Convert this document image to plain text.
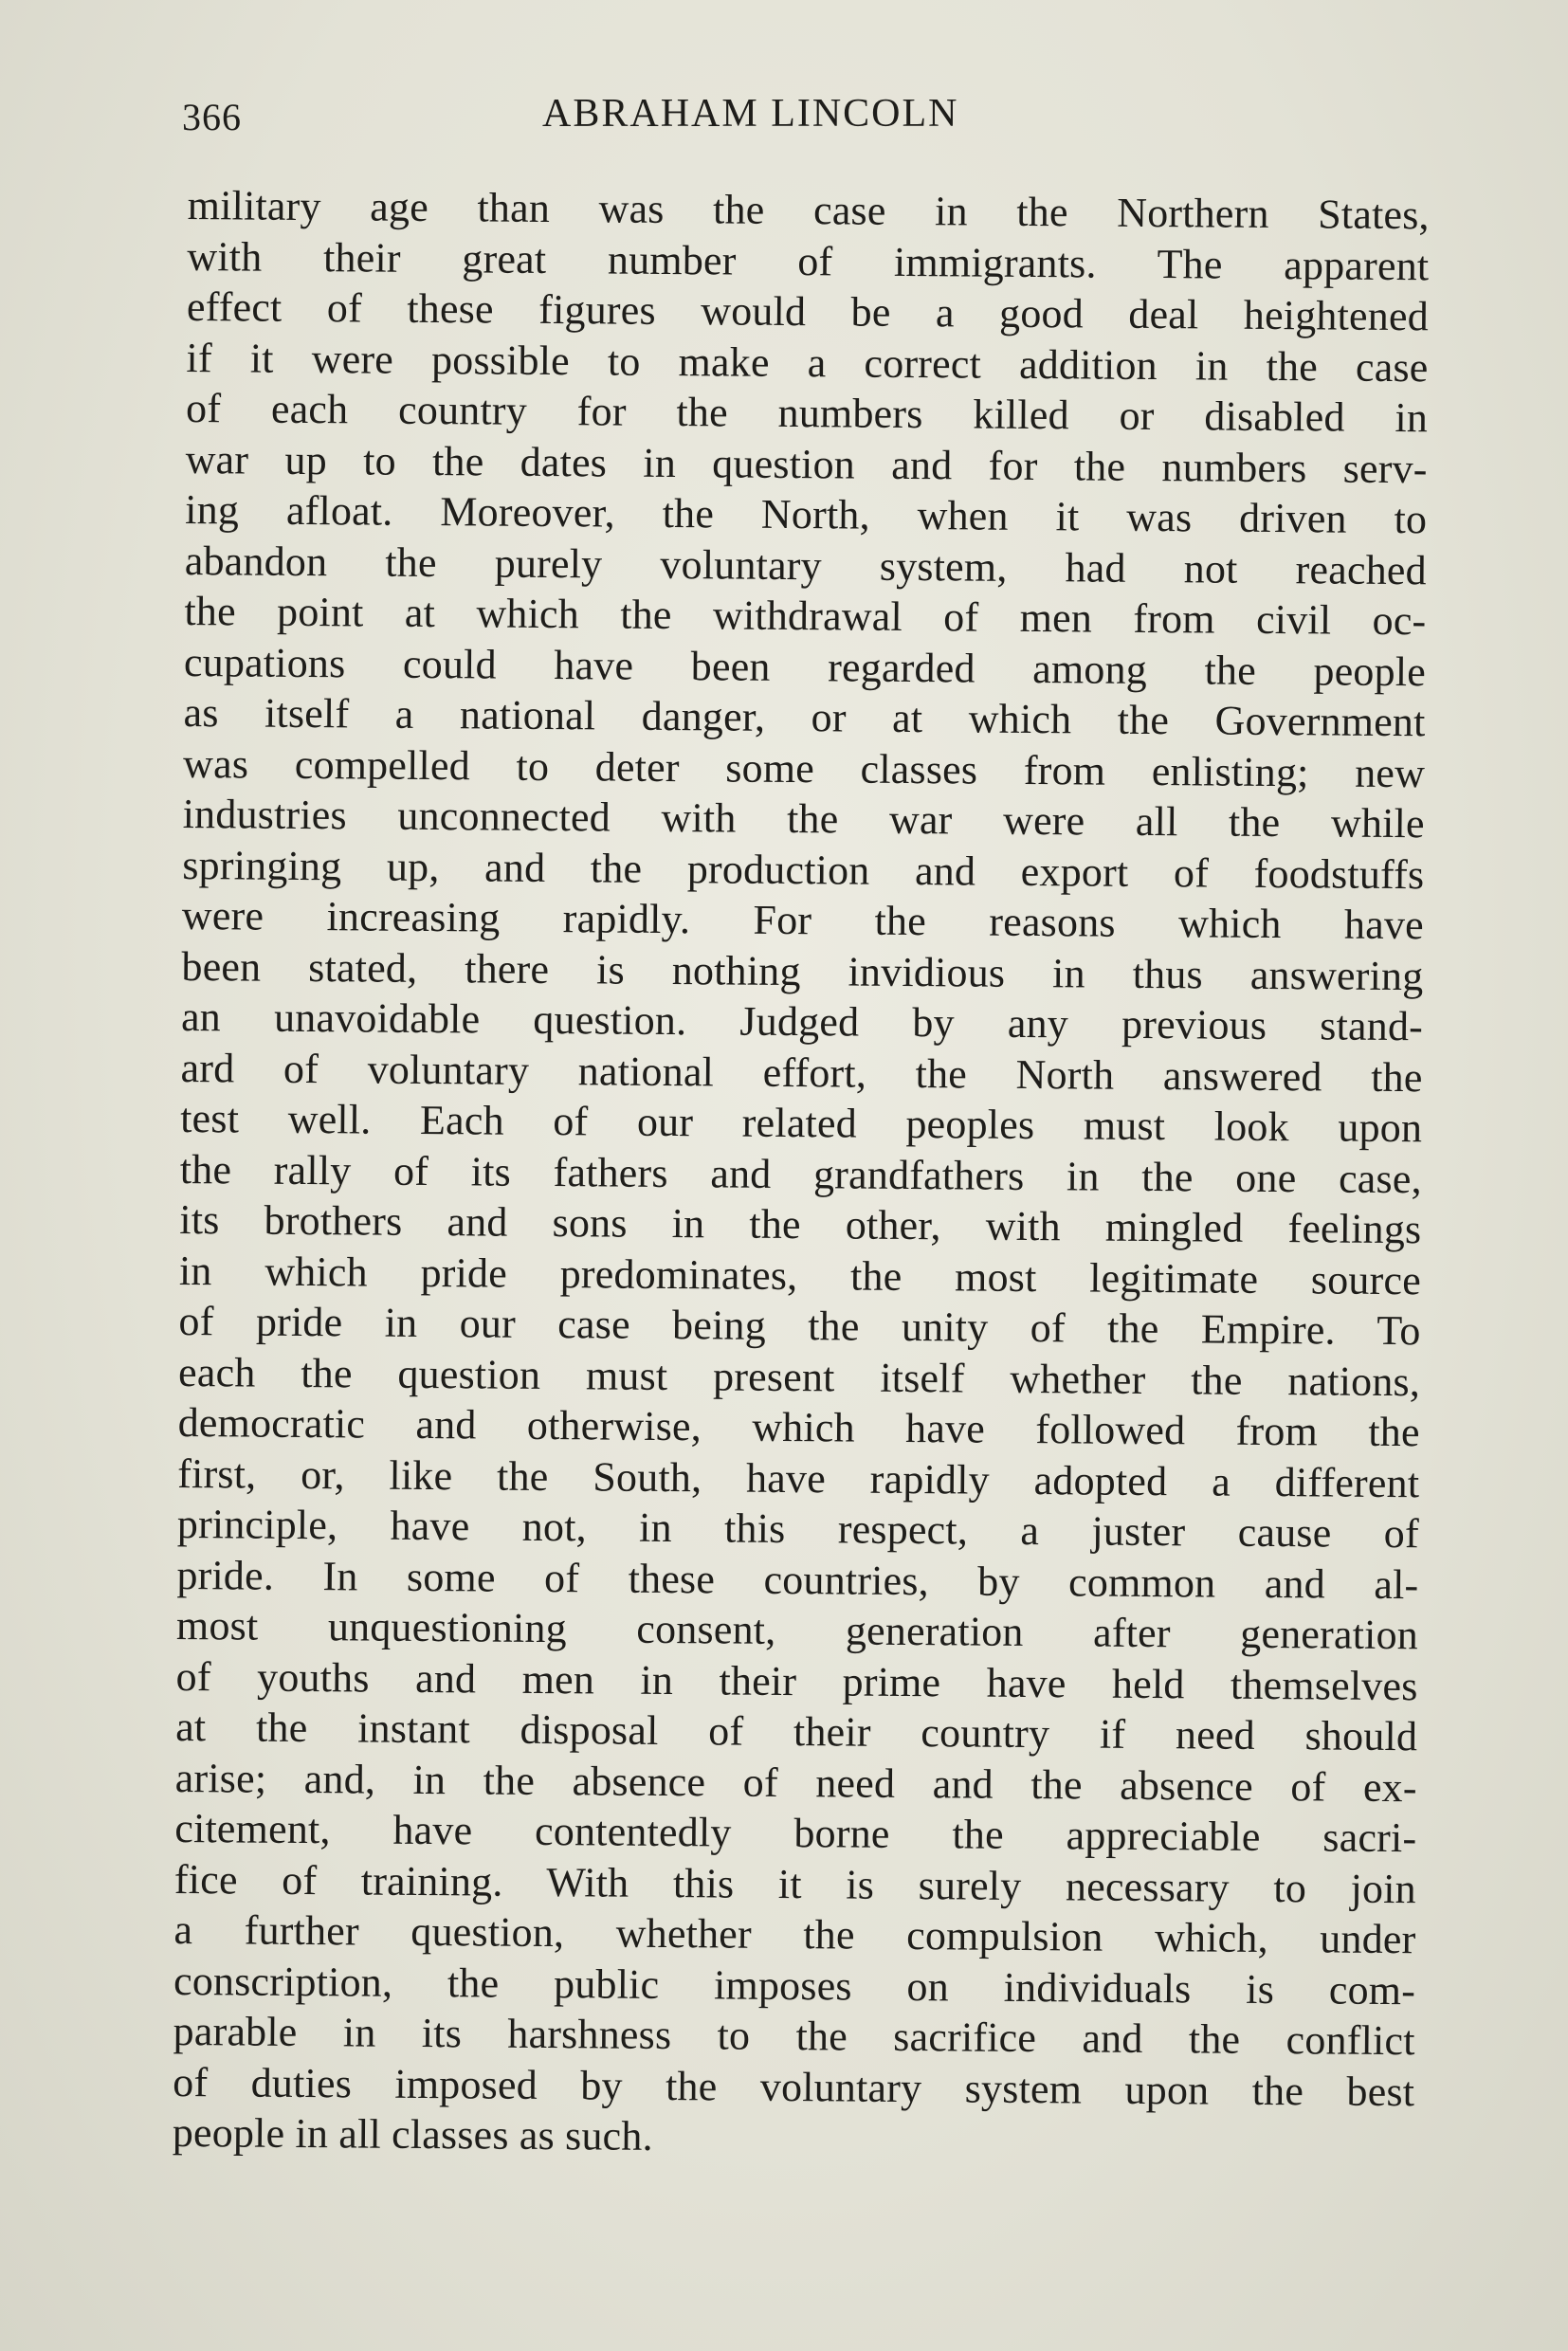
366	ABRAHAM LINCOLN
military age than was the case in the Northern States,
with their great number of immigrants. The apparent
effect of these figures would be a good deal heightened
if it were possible to make a correct addition in the case
of each country for the numbers killed or disabled in
war up to the dates in question and for the numbers serv-
ing afloat. Moreover, the North, when it was driven to
abandon the purely voluntary system, had not reached
the point at which the withdrawal of men from civil oc-
cupations could have been regarded among the people
as itself a national danger, or at which the Government
was compelled to deter some classes from enlisting; new
industries unconnected with the war were all the while
springing up, and the production and export of foodstuffs
were increasing rapidly. For the reasons which have
been stated, there is nothing invidious in thus answering
an unavoidable question. Judged by any previous stand-
ard of voluntary national effort, the North answered the
test well. Each of our related peoples must look upon
the rally of its fathers and grandfathers in the one case,
its brothers and sons in the other, with mingled feelings
in which pride predominates, the most legitimate source
of pride in our case being the unity of the Empire. To
each the question must present itself whether the nations,
democratic and otherwise, which have followed from the
first, or, like the South, have rapidly adopted a different
principle, have not, in this respect, a juster cause of
pride. In some of these countries, by common and al-
most unquestioning consent, generation after generation
of youths and men in their prime have held themselves
at the instant disposal of their country if need should
arise; and, in the absence of need and the absence of ex-
citement, have contentedly borne the appreciable sacri-
fice of training. With this it is surely necessary to join
a further question, whether the compulsion which, under
conscription, the public imposes on individuals is com-
parable in its harshness to the sacrifice and the conflict
of duties imposed by the voluntary system upon the best
people in all classes as such.
